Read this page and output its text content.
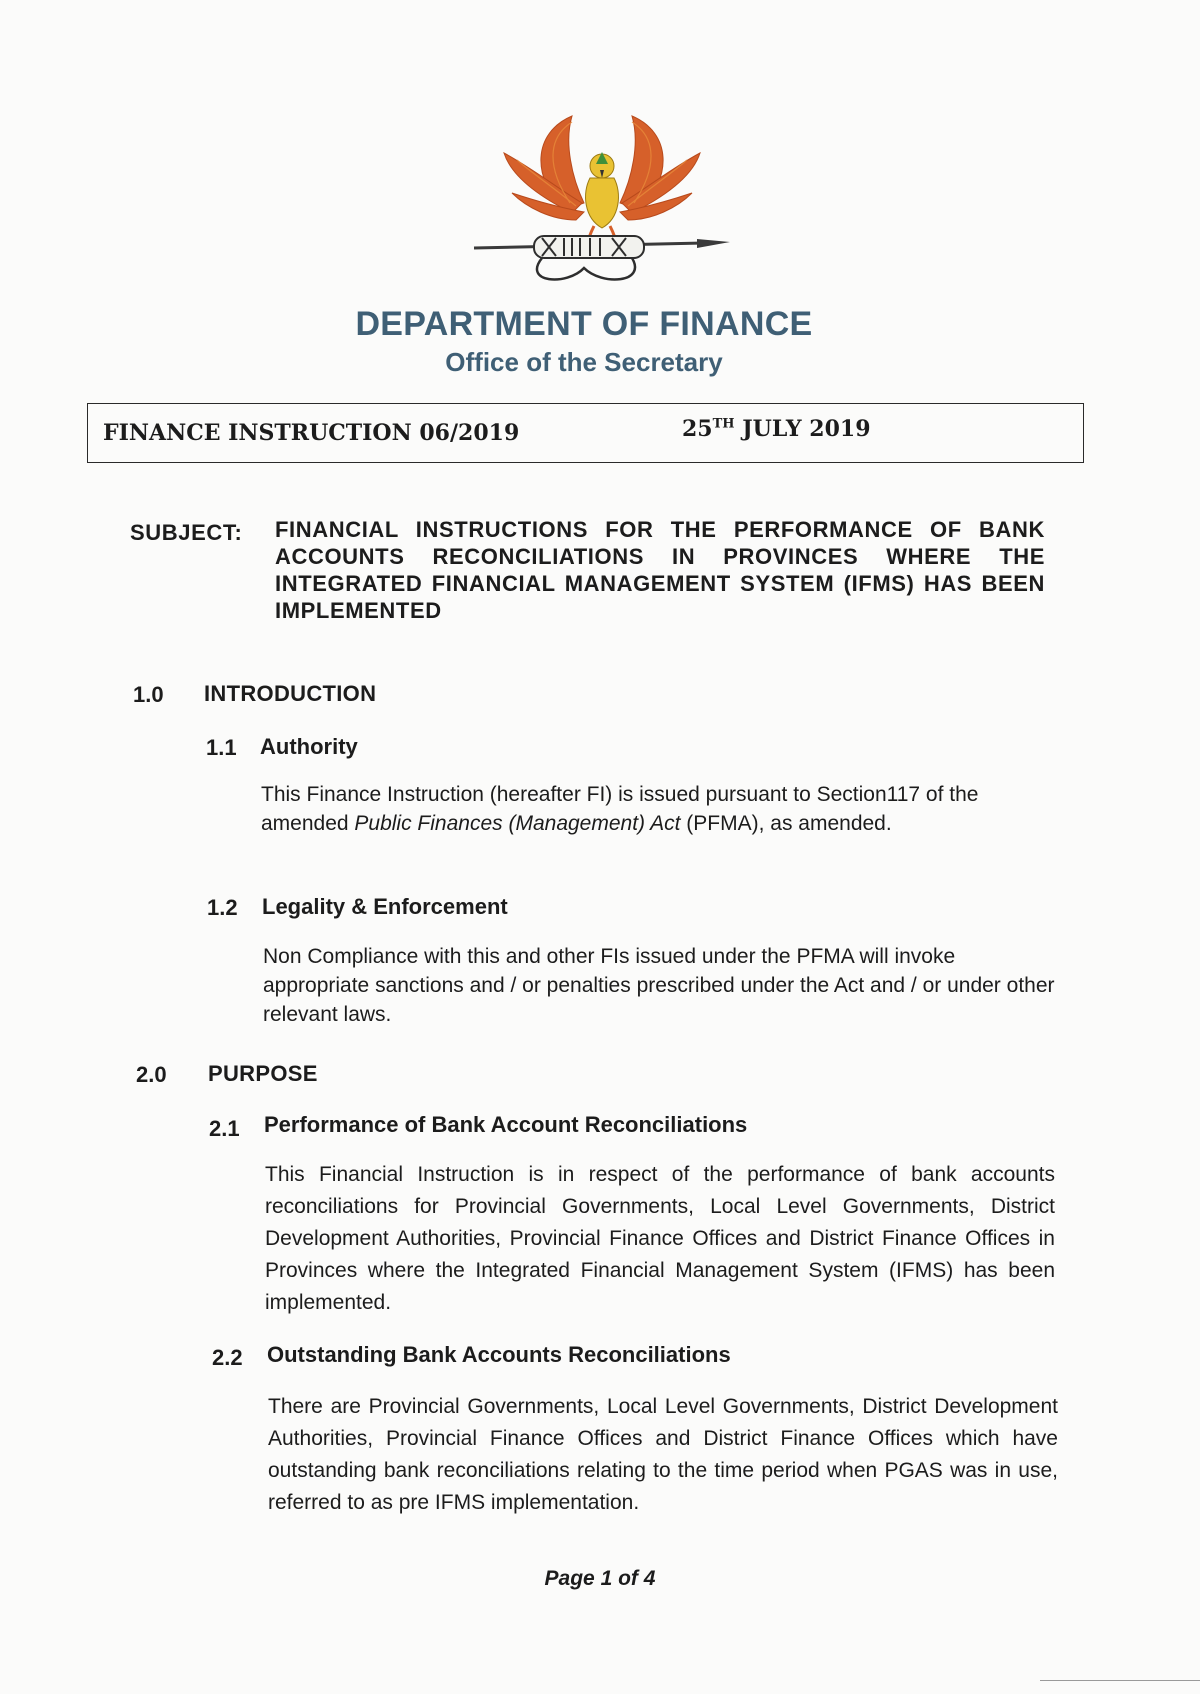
DEPARTMENT OF FINANCE
Office of the Secretary
FINANCE INSTRUCTION 06/2019	25TH JULY 2019
SUBJECT: FINANCIAL INSTRUCTIONS FOR THE PERFORMANCE OF BANK ACCOUNTS RECONCILIATIONS IN PROVINCES WHERE THE INTEGRATED FINANCIAL MANAGEMENT SYSTEM (IFMS) HAS BEEN IMPLEMENTED
1.0 INTRODUCTION
1.1 Authority
This Finance Instruction (hereafter FI) is issued pursuant to Section117 of the amended Public Finances (Management) Act (PFMA), as amended.
1.2 Legality & Enforcement
Non Compliance with this and other FIs issued under the PFMA will invoke appropriate sanctions and / or penalties prescribed under the Act and / or under other relevant laws.
2.0 PURPOSE
2.1 Performance of Bank Account Reconciliations
This Financial Instruction is in respect of the performance of bank accounts reconciliations for Provincial Governments, Local Level Governments, District Development Authorities, Provincial Finance Offices and District Finance Offices in Provinces where the Integrated Financial Management System (IFMS) has been implemented.
2.2 Outstanding Bank Accounts Reconciliations
There are Provincial Governments, Local Level Governments, District Development Authorities, Provincial Finance Offices and District Finance Offices which have outstanding bank reconciliations relating to the time period when PGAS was in use, referred to as pre IFMS implementation.
Page 1 of 4
